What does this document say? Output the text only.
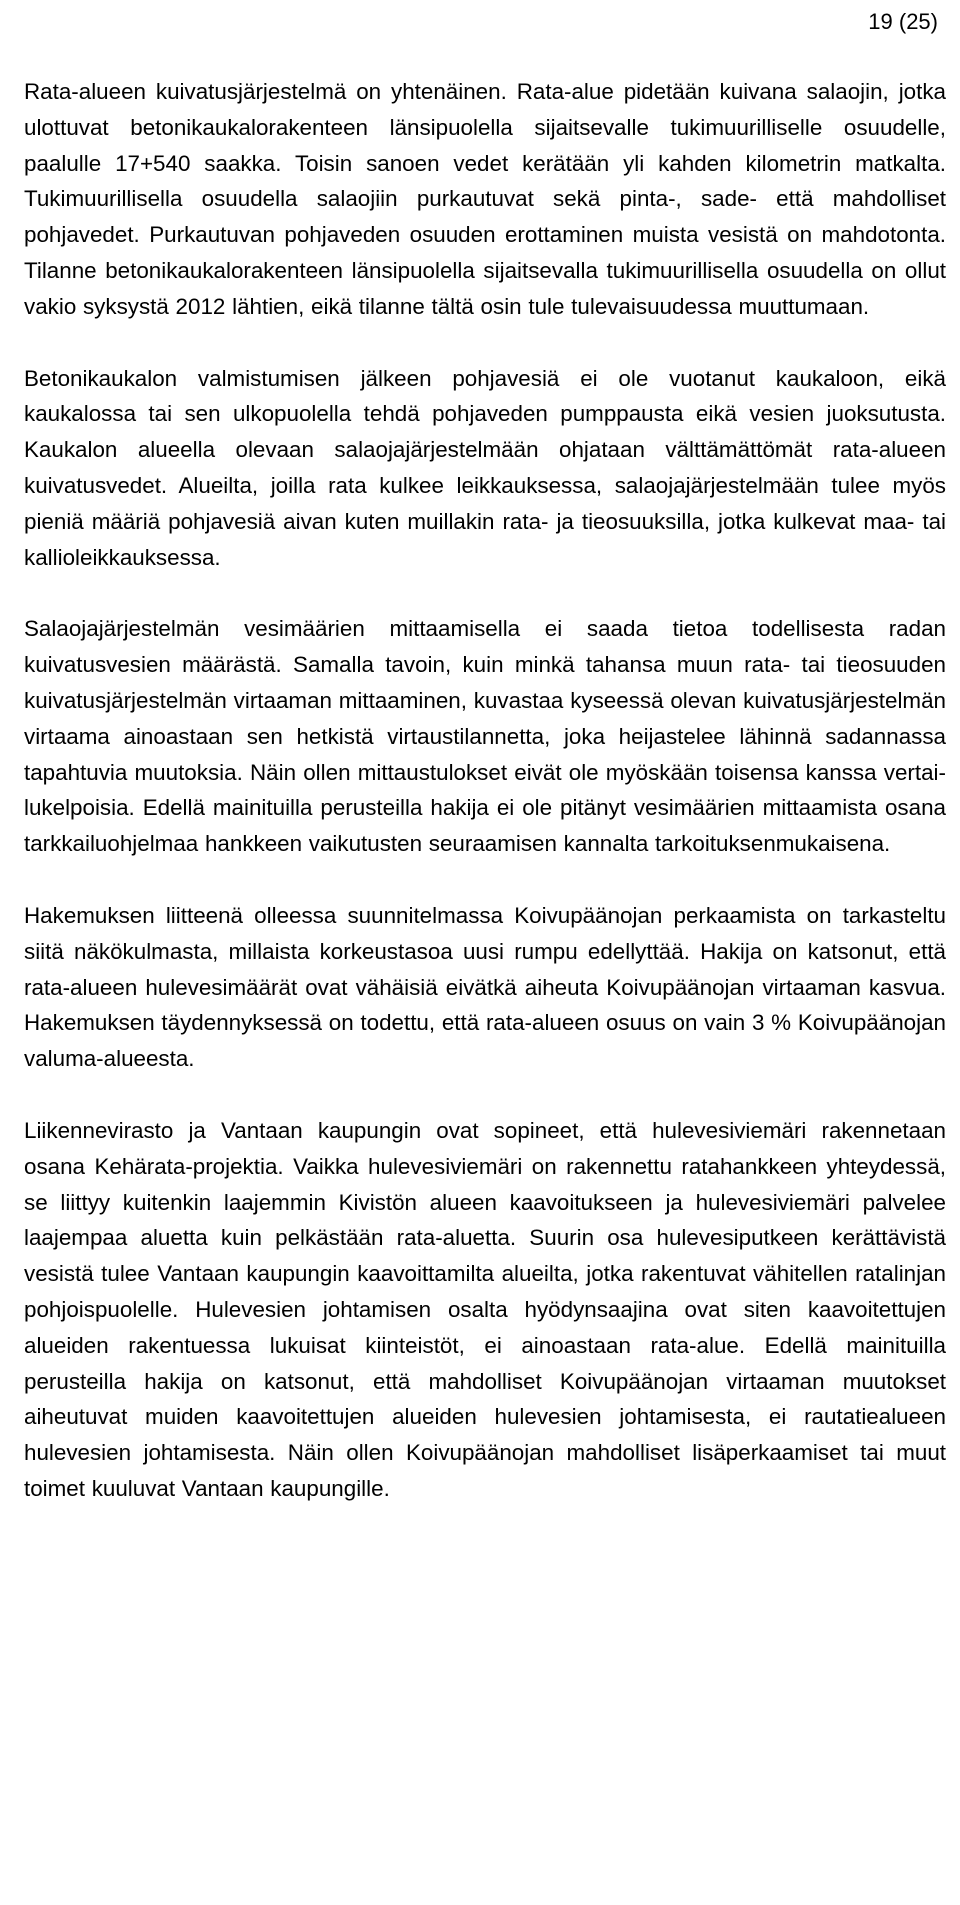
19 (25)

Rata-alueen kuivatusjärjestelmä on yhtenäinen. Rata-alue pidetään kuivana salaojin, jotka ulottuvat betonikaukalorakenteen länsipuolella sijaitsevalle tukimuurilliselle osuudelle, paalulle 17+540 saakka. Toisin sanoen vedet kerätään yli kahden kilometrin matkalta. Tukimuurillisella osuudella salaojiin purkautuvat sekä pinta-, sade- että mahdolliset pohjavedet. Purkautuvan pohjaveden osuuden erottaminen muista vesistä on mahdotonta. Tilanne betonikaukalorakenteen länsipuolella sijaitsevalla tukimuurillisella osuudella on ollut vakio syksystä 2012 lähtien, eikä tilanne tältä osin tule tulevaisuudessa muuttumaan.

Betonikaukalon valmistumisen jälkeen pohjavesiä ei ole vuotanut kaukaloon, eikä kaukalossa tai sen ulkopuolella tehdä pohjaveden pumppausta eikä vesien juoksutusta. Kaukalon alueella olevaan salaojajärjestelmään ohjataan välttämättömät rata-alueen kuivatusvedet. Alueilta, joilla rata kulkee leikkauksessa, salaojajärjestelmään tulee myös pieniä määriä pohjavesiä aivan kuten muillakin rata- ja tieosuuksilla, jotka kulkevat maa- tai kallioleikkauksessa.

Salaojajärjestelmän vesimäärien mittaamisella ei saada tietoa todellisesta radan kuivatusvesien määrästä. Samalla tavoin, kuin minkä tahansa muun rata- tai tieosuuden kuivatusjärjestelmän virtaaman mittaaminen, kuvastaa kyseessä olevan kuivatusjärjestelmän virtaama ainoastaan sen hetkistä virtaustilannetta, joka heijastelee lähinnä sadannassa tapahtuvia muutoksia. Näin ollen mittaustulokset eivät ole myöskään toisensa kanssa vertailukelpoisia. Edellä mainituilla perusteilla hakija ei ole pitänyt vesimäärien mittaamista osana tarkkailuohjelmaa hankkeen vaikutusten seuraamisen kannalta tarkoituksenmukaisena.

Hakemuksen liitteenä olleessa suunnitelmassa Koivupäänojan perkaamista on tarkasteltu siitä näkökulmasta, millaista korkeustasoa uusi rumpu edellyttää. Hakija on katsonut, että rata-alueen hulevesimäärät ovat vähäisiä eivätkä aiheuta Koivupäänojan virtaaman kasvua. Hakemuksen täydennyksessä on todettu, että rata-alueen osuus on vain 3 % Koivupäänojan valuma-alueesta.

Liikennevirasto ja Vantaan kaupungin ovat sopineet, että hulevesiviemäri rakennetaan osana Kehärata-projektia. Vaikka hulevesiviemäri on rakennettu ratahankkeen yhteydessä, se liittyy kuitenkin laajemmin Kivistön alueen kaavoitukseen ja hulevesiviemäri palvelee laajempaa aluetta kuin pelkästään rata-aluetta. Suurin osa hulevesiputkeen kerättävistä vesistä tulee Vantaan kaupungin kaavoittamilta alueilta, jotka rakentuvat vähitellen ratalinjan pohjoispuolelle. Hulevesien johtamisen osalta hyödynsaajina ovat siten kaavoitettujen alueiden rakentuessa lukuisat kiinteistöt, ei ainoastaan rata-alue. Edellä mainituilla perusteilla hakija on katsonut, että mahdolliset Koivupäänojan virtaaman muutokset aiheutuvat muiden kaavoitettujen alueiden hulevesien johtamisesta, ei rautatiealueen hulevesien johtamisesta. Näin ollen Koivupäänojan mahdolliset lisäperkaamiset tai muut toimet kuuluvat Vantaan kaupungille.
